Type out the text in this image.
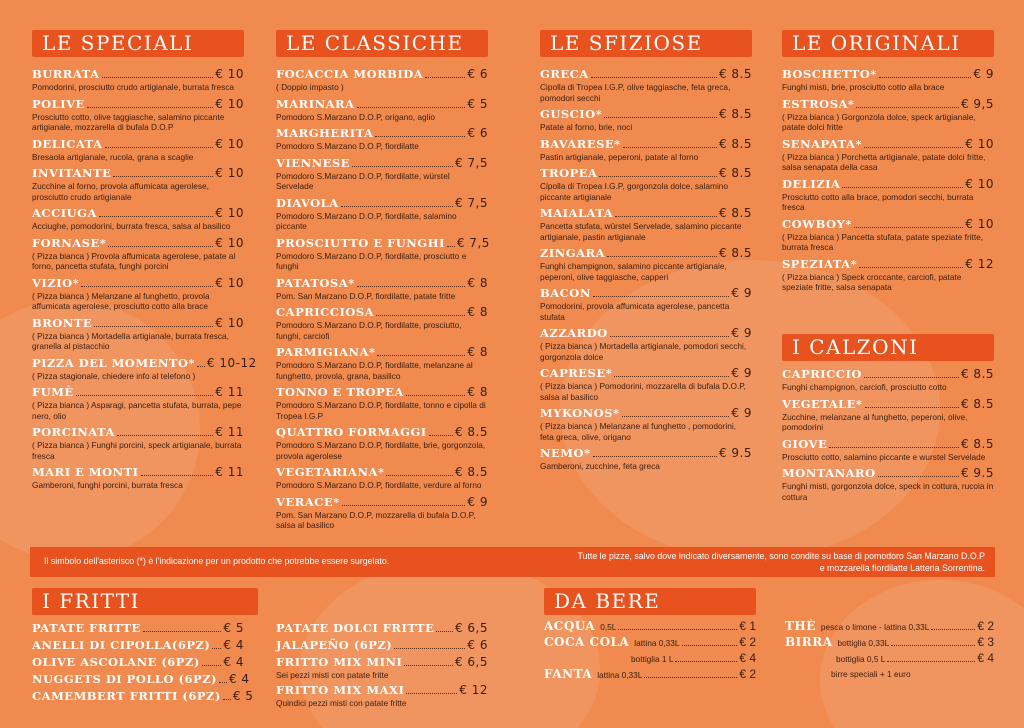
LE SPECIALI
BURRATA	€ 10
Pomodorini, prosciutto crudo artigianale, burrata fresca
POLIVE	€ 10
Prosciutto cotto, olive taggiasche, salamino piccante artigianale, mozzarella di bufala D.O.P
DELICATA	€ 10
Bresaola artigianale, rucola, grana a scaglie
INVITANTE	€ 10
Zucchine al forno, provola affumicata agerolese, prosciutto crudo artigianale
ACCIUGA	€ 10
Acciughe, pomodorini, burrata fresca, salsa al basilico
FORNASE*	€ 10
( Pizza bianca ) Provola affumicata agerolese, patate al forno, pancetta stufata, funghi porcini
VIZIO*	€ 10
( Pizza bianca ) Melanzane al funghetto, provola affumicata agerolese, prosciutto cotto alla brace
BRONTE	€ 10
( Pizza bianca ) Mortadella artigianale, burrata fresca, granella al pistacchio
PIZZA DEL MOMENTO* € 10-12
( Pizza stagionale, chiedere info al telefono )
FUMÈ	€ 11
( Pizza bianca ) Asparagi, pancetta stufata, burrata, pepe nero, olio
PORCINATA	€ 11
( Pizza bianca ) Funghi porcini, speck artigianale, burrata fresca
MARI E MONTI	€ 11
Gamberoni, funghi porcini, burrata fresca
LE CLASSICHE
FOCACCIA MORBIDA	€ 6
( Doppio impasto )
MARINARA	€ 5
Pomodoro S.Marzano D.O.P, origano, aglio
MARGHERITA	€ 6
Pomodoro S.Marzano D.O.P, fiordilatte
VIENNESE	€ 7,5
Pomodoro S.Marzano D.O.P, fiordilatte, würstel Servelade
DIAVOLA	€ 7,5
Pomodoro S.Marzano D.O.P, fiordilatte, salamino piccante
PROSCIUTTO E FUNGHI € 7,5
Pomodoro S.Marzano D.O.P, fiordilatte, prosciutto e funghi
PATATOSA*	€ 8
Pom. San Marzano D.O.P, fiordilatte, patate fritte
CAPRICCIOSA	€ 8
Pomodoro S.Marzano D.O.P, fiordilatte, prosciutto, funghi, carciofi
PARMIGIANA*	€ 8
Pomodoro S.Marzano D.O.P, fiordilatte, melanzane al funghetto, provola, grana, basilico
TONNO E TROPEA	€ 8
Pomodoro S.Marzano D.O.P, fiordilatte, tonno e cipolla di Tropea I.G.P
QUATTRO FORMAGGI € 8.5
Pomodoro S.Marzano D.O.P, fiordilatte, brie, gorgonzola, provola agerolese
VEGETARIANA*	€ 8.5
Pomodoro S.Marzano D.O.P, fiordilatte, verdure al forno
VERACE*	€ 9
Pom. San Marzano D.O.P, mozzarella di bufala D.O.P, salsa al basilico
LE SFIZIOSE
GRECA	€ 8.5
Cipolla di Tropea I.G.P, olive taggiasche, feta greca, pomodori secchi
GUSCIO*	€ 8.5
Patate al forno, brie, noci
BAVARESE*	€ 8.5
Pastin artigianale, peperoni, patate al forno
TROPEA	€ 8.5
Cipolla di Tropea I.G.P, gorgonzola dolce, salamino piccante artigianale
MAIALATA	€ 8.5
Pancetta stufata, würstel Servelade, salamino piccante artigianale, pastin artigianale
ZINGARA	€ 8.5
Funghi champignon, salamino piccante artigianale, peperoni, olive taggiasche, capperi
BACON	€ 9
Pomodorini, provola affumicata agerolese, pancetta stufata
AZZARDO	€ 9
( Pizza bianca ) Mortadella artigianale, pomodori secchi, gorgonzola dolce
CAPRESE*	€ 9
( Pizza bianca ) Pomodorini, mozzarella di bufala D.O.P, salsa al basilico
MYKONOS*	€ 9
( Pizza bianca ) Melanzane al funghetto , pomodorini, feta greca, olive, origano
NEMO*	€ 9.5
Gamberoni, zucchine, feta greca
LE ORIGINALI
BOSCHETTO*	€ 9
Funghi misti, brie, prosciutto cotto alla brace
ESTROSA*	€ 9,5
( Pizza bianca ) Gorgonzola dolce, speck artigianale, patate dolci fritte
SENAPATA*	€ 10
( Pizza bianca ) Porchetta artigianale, patate dolci fritte, salsa senapata della casa
DELIZIA	€ 10
Prosciutto cotto alla brace, pomodori secchi, burrata fresca
COWBOY*	€ 10
( Pizza bianca ) Pancetta stufata, patate speziate fritte, burrata fresca
SPEZIATA*	€ 12
( Pizza bianca ) Speck croccante, carciofi, patate speziate fritte, salsa senapata
I CALZONI
CAPRICCIO	€ 8.5
Funghi champignon, carciofi, prosciutto cotto
VEGETALE*	€ 8.5
Zucchine, melanzane al funghetto, peperoni, olive, pomodorini
GIOVE	€ 8.5
Prosciutto cotto, salamino piccante e wurstel Servelade
MONTANARO	€ 9.5
Funghi misti, gorgonzola dolce, speck in cottura, rucola in cottura
Il simbolo dell'asterisco (*) è l'indicazione per un prodotto che potrebbe essere surgelato.	Tutte le pizze, salvo dove indicato diversamente, sono condite su base di pomodoro San Marzano D.O.P
e mozzarella fiordilatte Latteria Sorrentina.
I FRITTI
PATATE FRITTE	€ 5
ANELLI DI CIPOLLA(6PZ) € 4
OLIVE ASCOLANE (6PZ) € 4
NUGGETS DI POLLO (6PZ) € 4
CAMEMBERT FRITTI (6PZ) € 5
PATATE DOLCI FRITTE € 6,5
JALAPEÑO (6PZ)	€ 6
FRITTO MIX MINI	€ 6,5
Sei pezzi misti con patate fritte
FRITTO MIX MAXI	€ 12
Quindici pezzi misti con patate fritte
DA BERE
ACQUA 0,5L	€ 1
COCA COLA lattina 0,33L	€ 2
bottiglia 1 L	€ 4
FANTA lattina 0,33L	€ 2
THÈ pesca o limone - lattina 0,33L	€ 2
BIRRA bottiglia 0,33L	€ 3
bottiglia 0,5 L	€ 4
birre speciali + 1 euro
